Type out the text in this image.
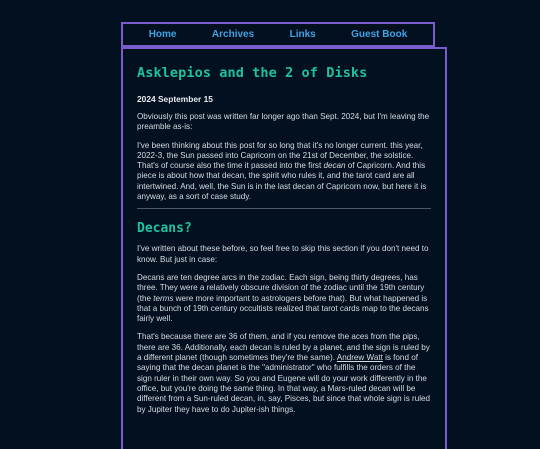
Home	Archives	Links	Guest Book
Asklepios and the 2 of Disks
2024 September 15

Obviously this post was written far longer ago than Sept. 2024, but I'm leaving the preamble as-is:

I've been thinking about this post for so long that it's no longer current. this year, 2022-3, the Sun passed into Capricorn on the 21st of December, the solstice. That's of course also the time it passed into the first decan of Capricorn. And this piece is about how that decan, the spirit who rules it, and the tarot card are all intertwined. And, well, the Sun is in the last decan of Capricorn now, but here it is anyway, as a sort of case study.

Decans?

I've written about these before, so feel free to skip this section if you don't need to know. But just in case:

Decans are ten degree arcs in the zodiac. Each sign, being thirty degrees, has three. They were a relatively obscure division of the zodiac until the 19th century (the terms were more important to astrologers before that). But what happened is that a bunch of 19th century occultists realized that tarot cards map to the decans fairly well.

That's because there are 36 of them, and if you remove the aces from the pips, there are 36. Additionally, each decan is ruled by a planet, and the sign is ruled by a different planet (though sometimes they're the same). Andrew Watt is fond of saying that the decan planet is the "administrator" who fulfills the orders of the sign ruler in their own way. So you and Eugene will do your work differently in the office, but you're doing the same thing. In that way, a Mars-ruled decan will be different from a Sun-ruled decan, in, say, Pisces, but since that whole sign is ruled by Jupiter they have to do Jupiter-ish things.
